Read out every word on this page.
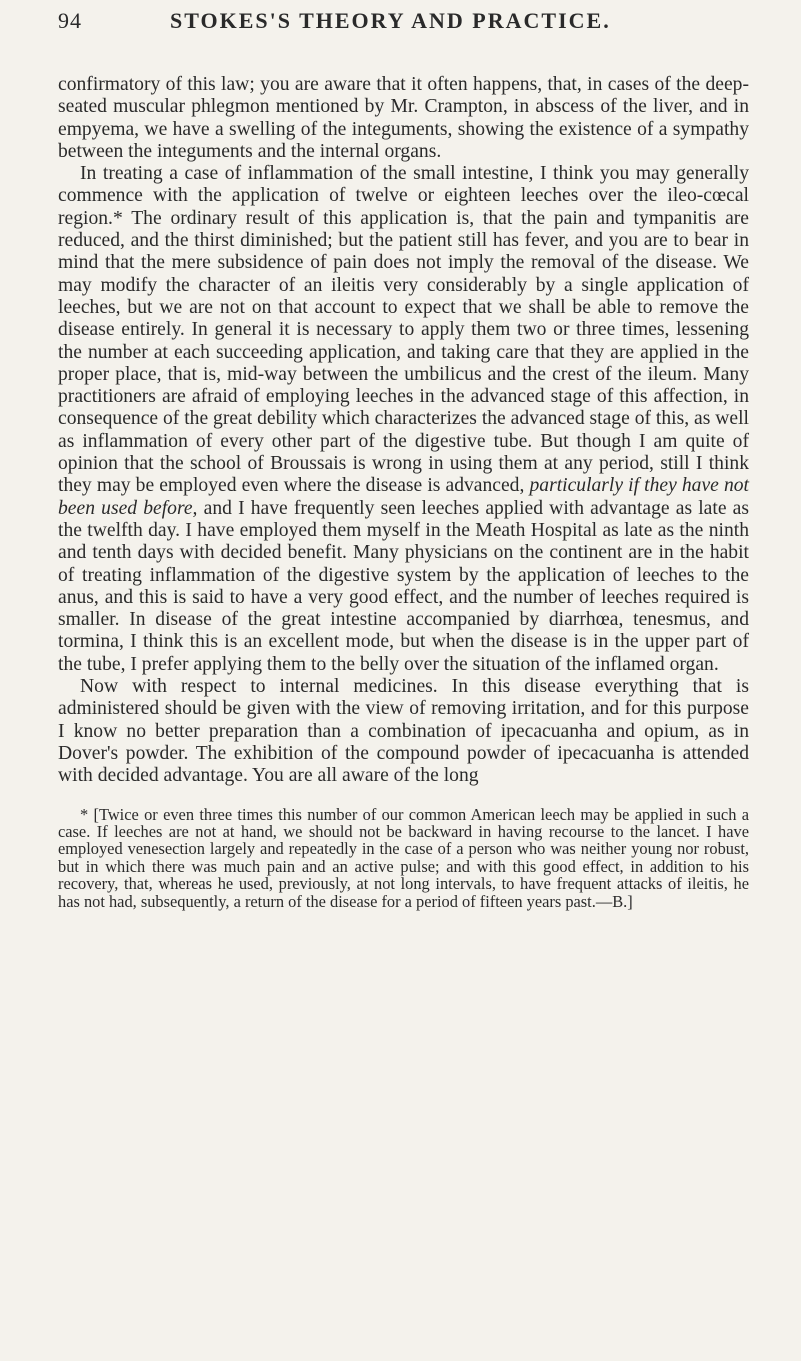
94	STOKES'S THEORY AND PRACTICE.

confirmatory of this law; you are aware that it often happens, that, in cases of the deep-seated muscular phlegmon mentioned by Mr. Crampton, in abscess of the liver, and in empyema, we have a swelling of the integuments, showing the existence of a sympathy between the integuments and the internal organs.

In treating a case of inflammation of the small intestine, I think you may generally commence with the application of twelve or eighteen leeches over the ileo-cœcal region.* The ordinary result of this application is, that the pain and tympanitis are reduced, and the thirst diminished; but the patient still has fever, and you are to bear in mind that the mere subsidence of pain does not imply the removal of the disease. We may modify the character of an ileitis very considerably by a single application of leeches, but we are not on that account to expect that we shall be able to remove the disease entirely. In general it is necessary to apply them two or three times, lessening the number at each succeeding application, and taking care that they are applied in the proper place, that is, mid-way between the umbilicus and the crest of the ileum. Many practitioners are afraid of employing leeches in the advanced stage of this affection, in consequence of the great debility which characterizes the advanced stage of this, as well as inflammation of every other part of the digestive tube. But though I am quite of opinion that the school of Broussais is wrong in using them at any period, still I think they may be employed even where the disease is advanced, particularly if they have not been used before, and I have frequently seen leeches applied with advantage as late as the twelfth day. I have employed them myself in the Meath Hospital as late as the ninth and tenth days with decided benefit. Many physicians on the continent are in the habit of treating inflammation of the digestive system by the application of leeches to the anus, and this is said to have a very good effect, and the number of leeches required is smaller. In disease of the great intestine accompanied by diarrhœa, tenesmus, and tormina, I think this is an excellent mode, but when the disease is in the upper part of the tube, I prefer applying them to the belly over the situation of the inflamed organ.

Now with respect to internal medicines. In this disease everything that is administered should be given with the view of removing irritation, and for this purpose I know no better preparation than a combination of ipecacuanha and opium, as in Dover's powder. The exhibition of the compound powder of ipecacuanha is attended with decided advantage. You are all aware of the long

* [Twice or even three times this number of our common American leech may be applied in such a case. If leeches are not at hand, we should not be backward in having recourse to the lancet. I have employed venesection largely and repeatedly in the case of a person who was neither young nor robust, but in which there was much pain and an active pulse; and with this good effect, in addition to his recovery, that, whereas he used, previously, at not long intervals, to have frequent attacks of ileitis, he has not had, subsequently, a return of the disease for a period of fifteen years past.—B.]
